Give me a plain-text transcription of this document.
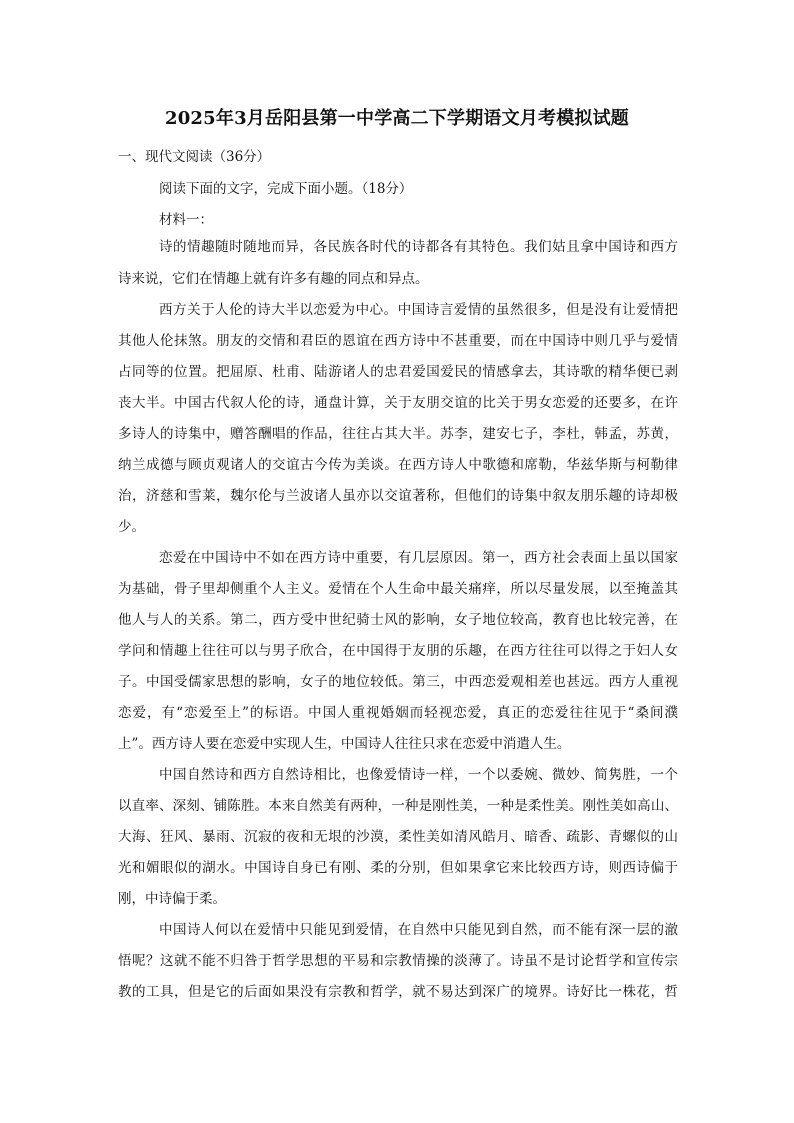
2025年3月岳阳县第一中学高二下学期语文月考模拟试题
一、现代文阅读（36分）
阅读下面的文字，完成下面小题。（18分）
材料一：
诗的情趣随时随地而异，各民族各时代的诗都各有其特色。我们姑且拿中国诗和西方
诗来说，它们在情趣上就有许多有趣的同点和异点。
西方关于人伦的诗大半以恋爱为中心。中国诗言爱情的虽然很多，但是没有让爱情把
其他人伦抹煞。朋友的交情和君臣的恩谊在西方诗中不甚重要，而在中国诗中则几乎与爱情
占同等的位置。把屈原、杜甫、陆游诸人的忠君爱国爱民的情感拿去，其诗歌的精华便已剥
丧大半。中国古代叙人伦的诗，通盘计算，关于友朋交谊的比关于男女恋爱的还要多，在许
多诗人的诗集中，赠答酬唱的作品，往往占其大半。苏李，建安七子，李杜，韩孟，苏黄，
纳兰成德与顾贞观诸人的交谊古今传为美谈。在西方诗人中歌德和席勒，华兹华斯与柯勒律
治，济慈和雪莱，魏尔伦与兰波诸人虽亦以交谊著称，但他们的诗集中叙友朋乐趣的诗却极
少。
恋爱在中国诗中不如在西方诗中重要，有几层原因。第一，西方社会表面上虽以国家
为基础，骨子里却侧重个人主义。爱情在个人生命中最关痛痒，所以尽量发展，以至掩盖其
他人与人的关系。第二，西方受中世纪骑士风的影响，女子地位较高，教育也比较完善，在
学问和情趣上往往可以与男子欣合，在中国得于友朋的乐趣，在西方往往可以得之于妇人女
子。中国受儒家思想的影响，女子的地位较低。第三，中西恋爱观相差也甚远。西方人重视
恋爱，有“恋爱至上”的标语。中国人重视婚姻而轻视恋爱，真正的恋爱往往见于“桑间濮
上”。西方诗人要在恋爱中实现人生，中国诗人往往只求在恋爱中消遣人生。
中国自然诗和西方自然诗相比，也像爱情诗一样，一个以委婉、微妙、简隽胜，一个
以直率、深刻、铺陈胜。本来自然美有两种，一种是刚性美，一种是柔性美。刚性美如高山、
大海、狂风、暴雨、沉寂的夜和无垠的沙漠，柔性美如清风皓月、暗香、疏影、青螺似的山
光和媚眼似的湖水。中国诗自身已有刚、柔的分别，但如果拿它来比较西方诗，则西诗偏于
刚，中诗偏于柔。
中国诗人何以在爱情中只能见到爱情，在自然中只能见到自然，而不能有深一层的澈
悟呢？这就不能不归咎于哲学思想的平易和宗教情操的淡薄了。诗虽不是讨论哲学和宣传宗
教的工具，但是它的后面如果没有宗教和哲学，就不易达到深广的境界。诗好比一株花，哲
